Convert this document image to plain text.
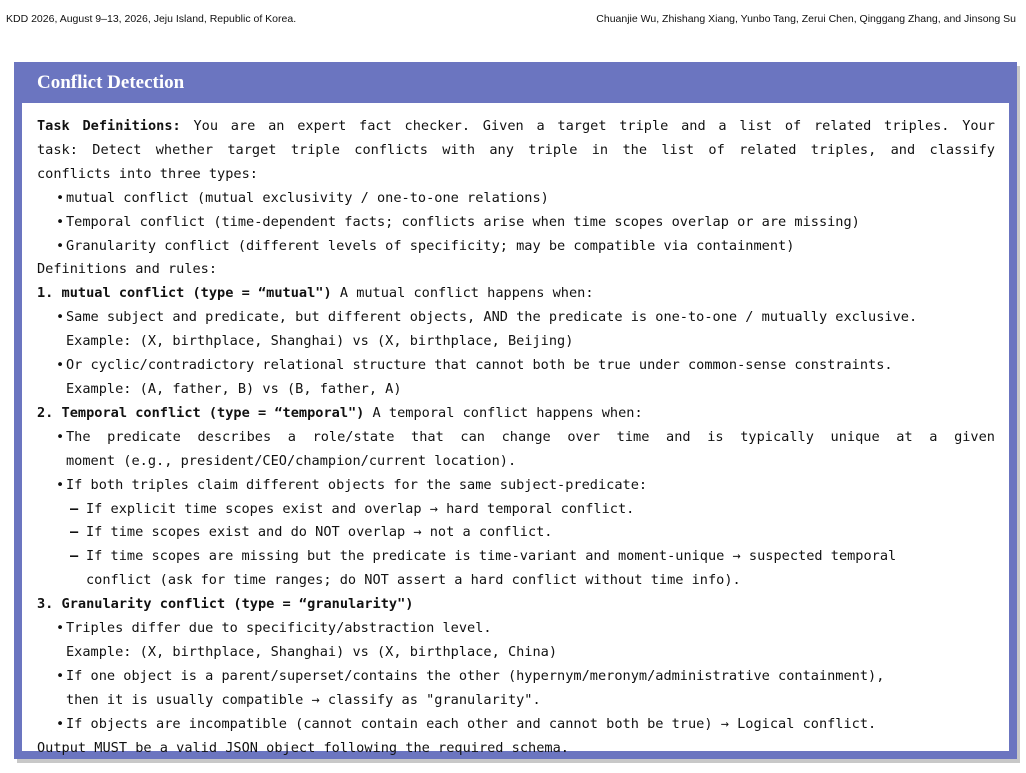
KDD 2026, August 9–13, 2026, Jeju Island, Republic of Korea.	Chuanjie Wu, Zhishang Xiang, Yunbo Tang, Zerui Chen, Qinggang Zhang, and Jinsong Su
Conflict Detection

Task Definitions: You are an expert fact checker. Given a target triple and a list of related triples. Your

task: Detect whether target triple conflicts with any triple in the list of related triples, and classify

conflicts into three types:

• mutual conflict (mutual exclusivity / one-to-one relations)

• Temporal conflict (time-dependent facts; conflicts arise when time scopes overlap or are missing)

• Granularity conflict (different levels of specificity; may be compatible via containment)

Definitions and rules:

1. mutual conflict (type = “mutual") A mutual conflict happens when:

• Same subject and predicate, but different objects, AND the predicate is one-to-one / mutually exclusive.

Example: (X, birthplace, Shanghai) vs (X, birthplace, Beijing)

• Or cyclic/contradictory relational structure that cannot both be true under common-sense constraints.

Example: (A, father, B) vs (B, father, A)

2. Temporal conflict (type = “temporal") A temporal conflict happens when:

• The predicate describes a role/state that can change over time and is typically unique at a given

moment (e.g., president/CEO/champion/current location).

• If both triples claim different objects for the same subject-predicate:

– If explicit time scopes exist and overlap → hard temporal conflict.

– If time scopes exist and do NOT overlap → not a conflict.

– If time scopes are missing but the predicate is time-variant and moment-unique → suspected temporal

conflict (ask for time ranges; do NOT assert a hard conflict without time info).

3. Granularity conflict (type = “granularity")

• Triples differ due to specificity/abstraction level.

Example: (X, birthplace, Shanghai) vs (X, birthplace, China)

• If one object is a parent/superset/contains the other (hypernym/meronym/administrative containment),

then it is usually compatible → classify as "granularity".

• If objects are incompatible (cannot contain each other and cannot both be true) → Logical conflict.

Output MUST be a valid JSON object following the required schema.
